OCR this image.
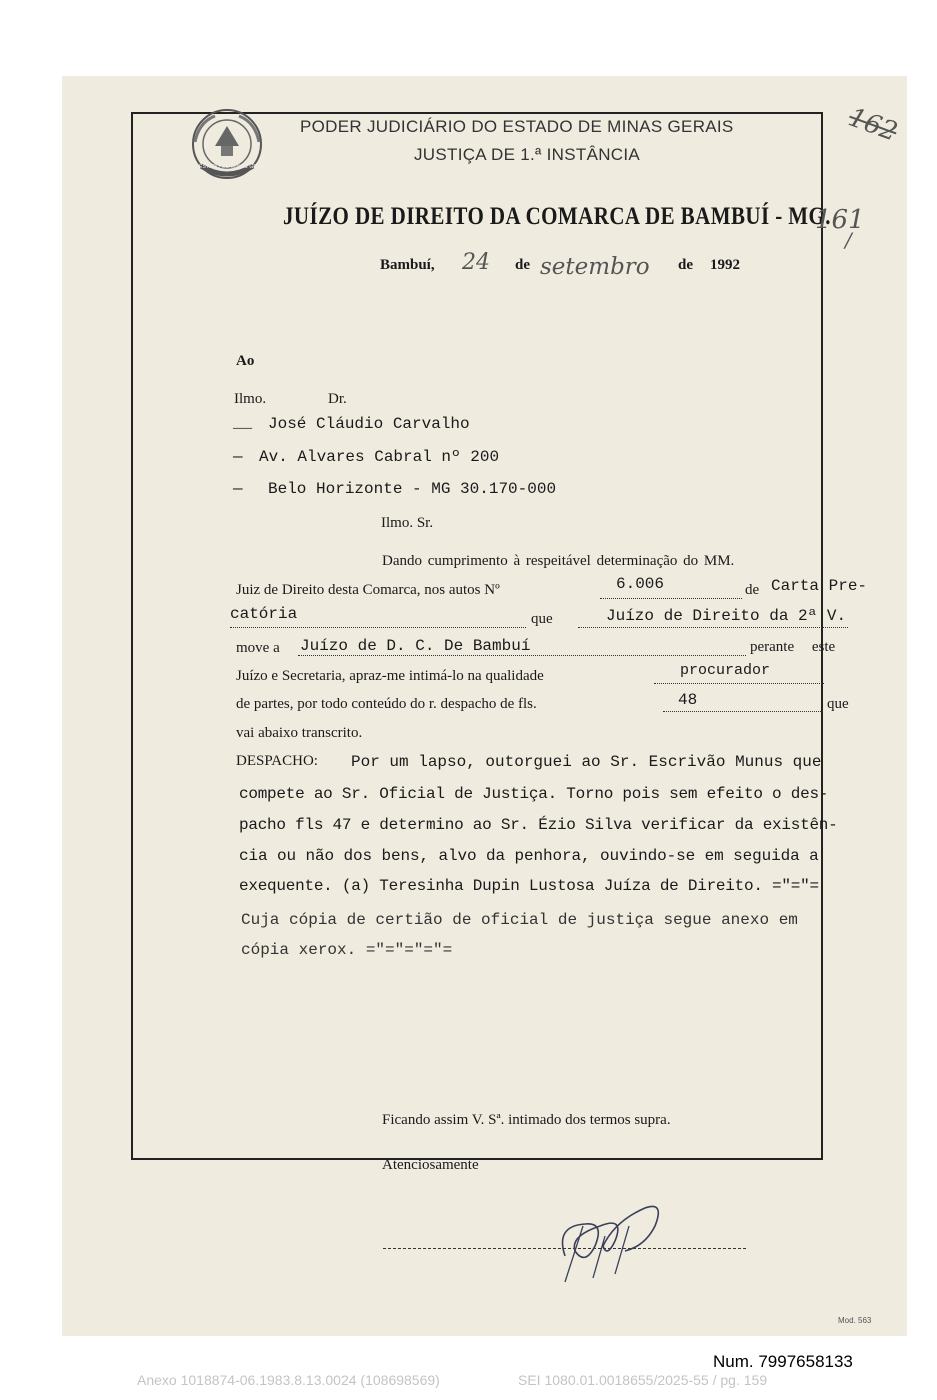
ESTADO DE MINAS GERAIS
PODER JUDICIÁRIO DO ESTADO DE MINAS GERAIS
JUSTIÇA DE 1.ª INSTÂNCIA
162
JUÍZO DE DIREITO DA COMARCA DE BAMBUÍ - MG.
161
/
Bambuí, 24 de setembro de 1992
Ao
Ilmo.	Dr.
__ José Cláudio Carvalho
— Av. Alvares Cabral nº 200
— Belo Horizonte - MG 30.170-000
Ilmo. Sr.
Dando cumprimento à respeitável determinação do MM.
Juiz de Direito desta Comarca, nos autos Nº	6.006	de Carta Pre-
catória	que	Juízo de Direito da 2ª V.
move a Juízo de D. C. De Bambuí	perante este
Juízo e Secretaria, apraz-me intimá-lo na qualidade	procurador
de partes, por todo conteúdo do r. despacho de fls.	48	que
vai abaixo transcrito.
DESPACHO: Por um lapso, outorguei ao Sr. Escrivão Munus que
compete ao Sr. Oficial de Justiça. Torno pois sem efeito o des-
pacho fls 47 e determino ao Sr. Ézio Silva verificar da existên-
cia ou não dos bens, alvo da penhora, ouvindo-se em seguida a
exequente. (a) Teresinha Dupin Lustosa Juíza de Direito. ="="=
Cuja cópia de certião de oficial de justiça segue anexo em
cópia xerox. ="="="="=
Ficando assim V. Sª. intimado dos termos supra.
Atenciosamente
Mod. 563
Num. 7997658133
Anexo 1018874-06.1983.8.13.0024 (108698569)	SEI 1080.01.0018655/2025-55 / pg. 159
